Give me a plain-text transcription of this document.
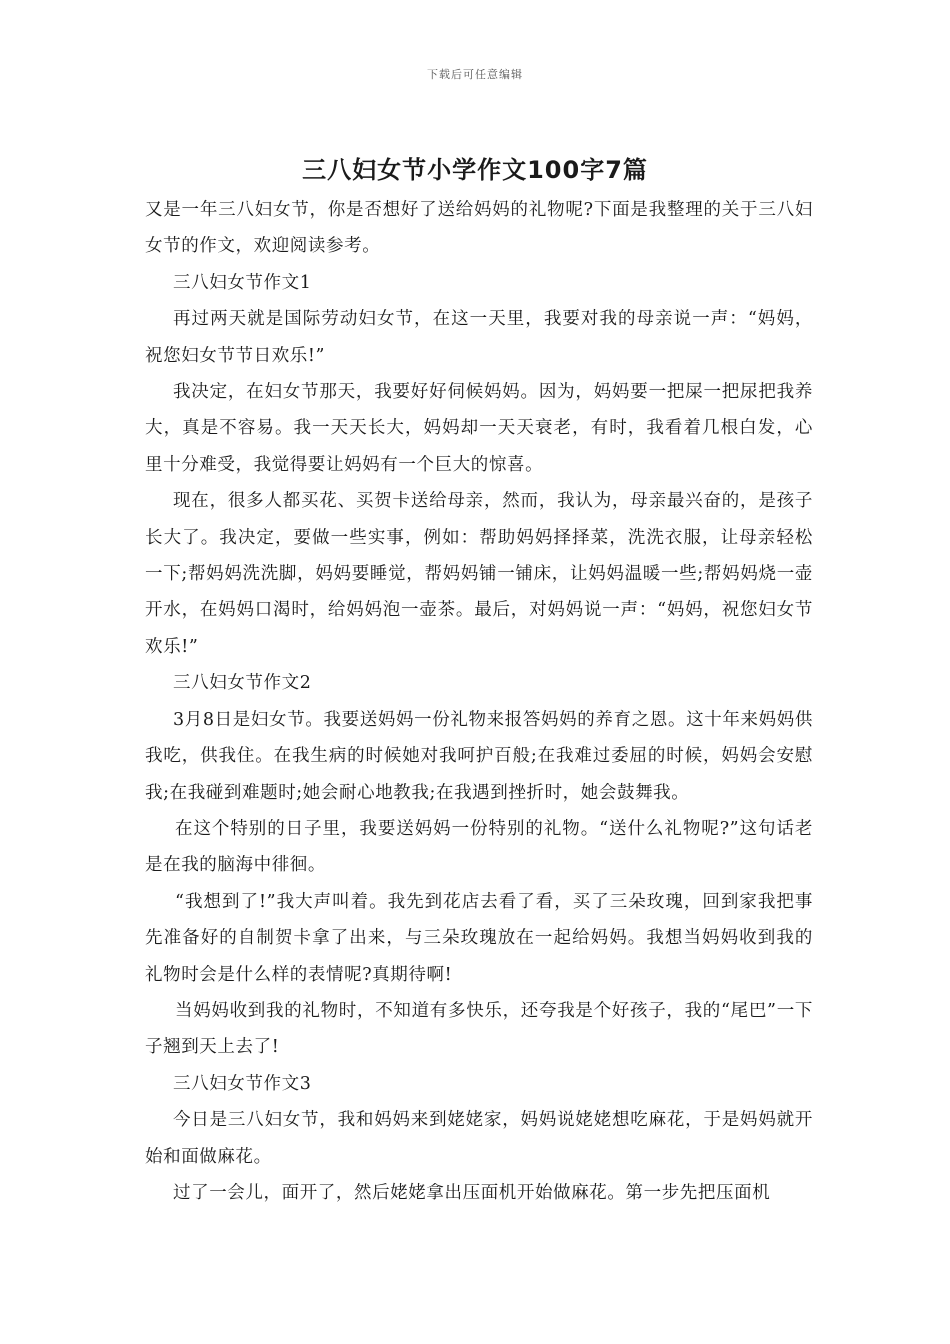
下载后可任意编辑
三八妇女节小学作文100字7篇

又是一年三八妇女节，你是否想好了送给妈妈的礼物呢?下面是我整理的关于三八妇女节的作文，欢迎阅读参考。

三八妇女节作文1

再过两天就是国际劳动妇女节，在这一天里，我要对我的母亲说一声：“妈妈，祝您妇女节节日欢乐!”

我决定，在妇女节那天，我要好好伺候妈妈。因为，妈妈要一把屎一把尿把我养大，真是不容易。我一天天长大，妈妈却一天天衰老，有时，我看着几根白发，心里十分难受，我觉得要让妈妈有一个巨大的惊喜。

现在，很多人都买花、买贺卡送给母亲，然而，我认为，母亲最兴奋的，是孩子长大了。我决定，要做一些实事，例如：帮助妈妈择择菜，洗洗衣服，让母亲轻松一下;帮妈妈洗洗脚，妈妈要睡觉，帮妈妈铺一铺床，让妈妈温暖一些;帮妈妈烧一壶开水，在妈妈口渴时，给妈妈泡一壶茶。最后，对妈妈说一声：“妈妈，祝您妇女节欢乐!”

三八妇女节作文2

3月8日是妇女节。我要送妈妈一份礼物来报答妈妈的养育之恩。这十年来妈妈供我吃，供我住。在我生病的时候她对我呵护百般;在我难过委屈的时候，妈妈会安慰我;在我碰到难题时;她会耐心地教我;在我遇到挫折时，她会鼓舞我。

在这个特别的日子里，我要送妈妈一份特别的礼物。“送什么礼物呢?”这句话老是在我的脑海中徘徊。

“我想到了!”我大声叫着。我先到花店去看了看，买了三朵玫瑰，回到家我把事先准备好的自制贺卡拿了出来，与三朵玫瑰放在一起给妈妈。我想当妈妈收到我的礼物时会是什么样的表情呢?真期待啊!

当妈妈收到我的礼物时，不知道有多快乐，还夸我是个好孩子，我的“尾巴”一下子翘到天上去了!

三八妇女节作文3

今日是三八妇女节，我和妈妈来到姥姥家，妈妈说姥姥想吃麻花，于是妈妈就开始和面做麻花。

过了一会儿，面开了，然后姥姥拿出压面机开始做麻花。第一步先把压面机
